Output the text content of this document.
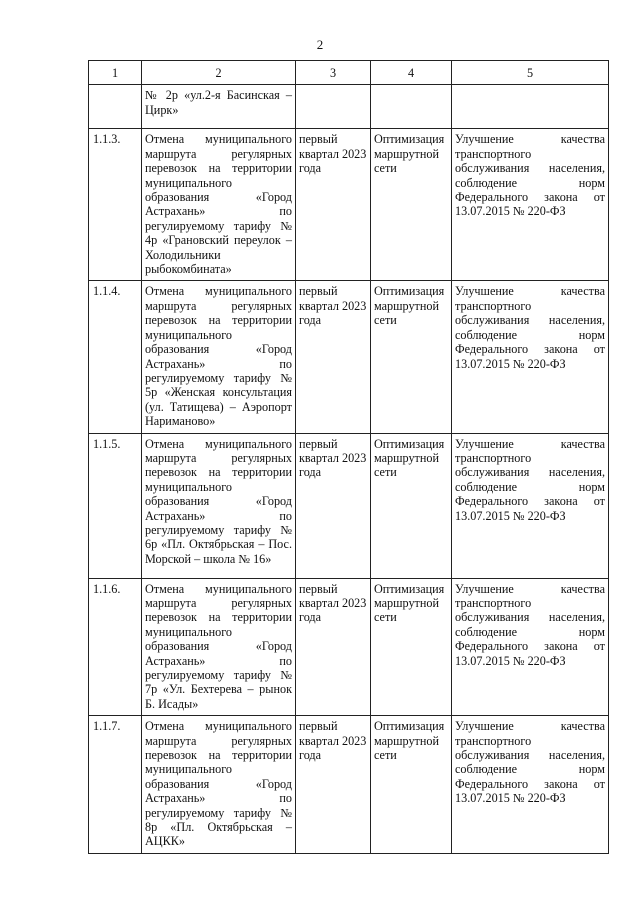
2
1	2	3	4	5
	№ 2р «ул.2-я Басинская – Цирк»			
1.1.3.	Отмена муниципального маршрута регулярных перевозок на территории муниципального образования «Город Астрахань» по регулируемому тарифу № 4р «Грановский переулок – Холодильники рыбокомбината»	первый квартал 2023 года	Оптимизация маршрутной сети	Улучшение качества транспортного обслуживания населения, соблюдение норм Федерального закона от 13.07.2015 № 220-ФЗ
1.1.4.	Отмена муниципального маршрута регулярных перевозок на территории муниципального образования «Город Астрахань» по регулируемому тарифу № 5р «Женская консультация (ул. Татищева) – Аэропорт Нариманово»	первый квартал 2023 года	Оптимизация маршрутной сети	Улучшение качества транспортного обслуживания населения, соблюдение норм Федерального закона от 13.07.2015 № 220-ФЗ
1.1.5.	Отмена муниципального маршрута регулярных перевозок на территории муниципального образования «Город Астрахань» по регулируемому тарифу № 6р «Пл. Октябрьская – Пос. Морской – школа № 16»	первый квартал 2023 года	Оптимизация маршрутной сети	Улучшение качества транспортного обслуживания населения, соблюдение норм Федерального закона от 13.07.2015 № 220-ФЗ
1.1.6.	Отмена муниципального маршрута регулярных перевозок на территории муниципального образования «Город Астрахань» по регулируемому тарифу № 7р «Ул. Бехтерева – рынок Б. Исады»	первый квартал 2023 года	Оптимизация маршрутной сети	Улучшение качества транспортного обслуживания населения, соблюдение норм Федерального закона от 13.07.2015 № 220-ФЗ
1.1.7.	Отмена муниципального маршрута регулярных перевозок на территории муниципального образования «Город Астрахань» по регулируемому тарифу № 8р «Пл. Октябрьская – АЦКК»	первый квартал 2023 года	Оптимизация маршрутной сети	Улучшение качества транспортного обслуживания населения, соблюдение норм Федерального закона от 13.07.2015 № 220-ФЗ
